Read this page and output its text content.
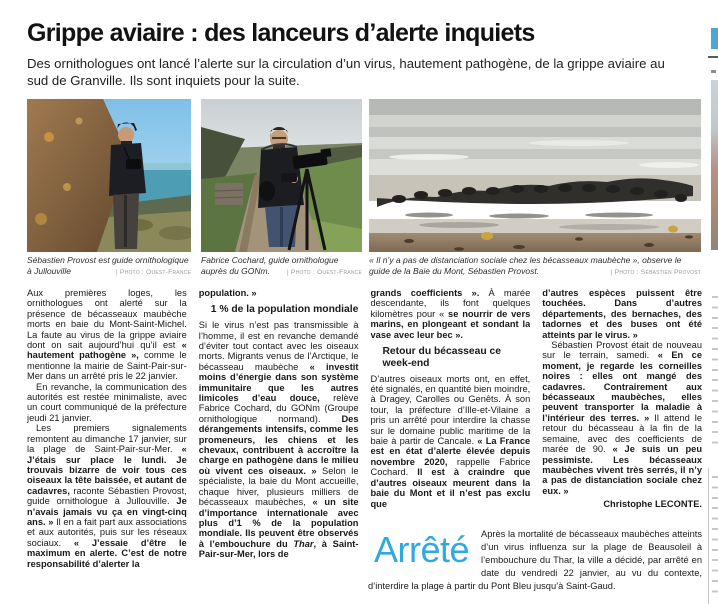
Grippe aviaire : des lanceurs d’alerte inquiets

Des ornithologues ont lancé l’alerte sur la circulation d’un virus, hautement pathogène, de la grippe aviaire au sud de Granville. Ils sont inquiets pour la suite.

Sébastien Provost est guide ornithologique à Jullouville	| Photo : Ouest-France
Fabrice Cochard, guide ornithologue auprès du GONm.	| Photo : Ouest-France
« Il n’y a pas de distanciation sociale chez les bécasseaux maubèche », observe le guide de la Baie du Mont, Sébastien Provost.	| Photo : Sébastien Provost

Aux premières loges, les ornithologues ont alerté sur la présence de bécasseaux maubèche morts en baie du Mont-Saint-Michel. La faute au virus de la grippe aviaire dont on sait aujourd’hui qu’il est « hautement pathogène », comme le mentionne la mairie de Saint-Pair-sur-Mer dans un arrêté pris le 22 janvier.

En revanche, la communication des autorités est restée minimaliste, avec un court communiqué de la préfecture jeudi 21 janvier.

Les premiers signalements remontent au dimanche 17 janvier, sur la plage de Saint-Pair-sur-Mer. « J’étais sur place le lundi. Je trouvais bizarre de voir tous ces oiseaux la tête baissée, et autant de cadavres, raconte Sébastien Provost, guide ornithologue à Jullouville. Je n’avais jamais vu ça en vingt-cinq ans. » Il en a fait part aux associations et aux autorités, puis sur les réseaux sociaux. « J’essaie d’être le maximum en alerte. C’est de notre responsabilité d’alerter la

population. »

1 % de la population mondiale

Si le virus n’est pas transmissible à l’homme, il est en revanche demandé d’éviter tout contact avec les oiseaux morts. Migrants venus de l’Arctique, le bécasseau maubèche « investit moins d’énergie dans son système immunitaire que les autres limicoles d’eau douce, relève Fabrice Cochard, du GONm (Groupe ornithologique normand). Des dérangements intensifs, comme les promeneurs, les chiens et les chevaux, contribuent à accroître la charge en pathogène dans le milieu où vivent ces oiseaux. » Selon le spécialiste, la baie du Mont accueille, chaque hiver, plusieurs milliers de bécasseaux maubèches, « un site d’importance internationale avec plus d’1 % de la population mondiale. Ils peuvent être observés à l’embouchure du Thar, à Saint-Pair-sur-Mer, lors de

grands coefficients ». À marée descendante, ils font quelques kilomètres pour « se nourrir de vers marins, en plongeant et sondant la vase avec leur bec ».

Retour du bécasseau ce week-end

D’autres oiseaux morts ont, en effet, été signalés, en quantité bien moindre, à Dragey, Carolles ou Genêts. À son tour, la préfecture d’Ille-et-Vilaine a pris un arrêté pour interdire la chasse sur le domaine public maritime de la baie à partir de Cancale. « La France est en état d’alerte élevée depuis novembre 2020, rappelle Fabrice Cochard. Il est à craindre que d’autres oiseaux meurent dans la baie du Mont et il n’est pas exclu que

d’autres espèces puissent être touchées. Dans d’autres départements, des bernaches, des tadornes et des buses ont été atteints par le virus. »

Sébastien Provost était de nouveau sur le terrain, samedi. « En ce moment, je regarde les corneilles noires : elles ont mangé des cadavres. Contrairement aux bécasseaux maubèches, elles peuvent transporter la maladie à l’intérieur des terres. » Il attend le retour du bécasseau à la fin de la semaine, avec des coefficients de marée de 90. « Je suis un peu pessimiste. Les bécasseaux maubèches vivent très serrés, il n’y a pas de distanciation sociale chez eux. »

Christophe LECONTE.

Arrêté Après la mortalité de bécasseaux maubèches atteints d’un virus influenza sur la plage de Beausoleil à l’embouchure du Thar, la ville a décidé, par arrêté en date du vendredi 22 janvier, au vu du contexte, d’interdire la plage à partir du Pont Bleu jusqu’à Saint-Gaud.
